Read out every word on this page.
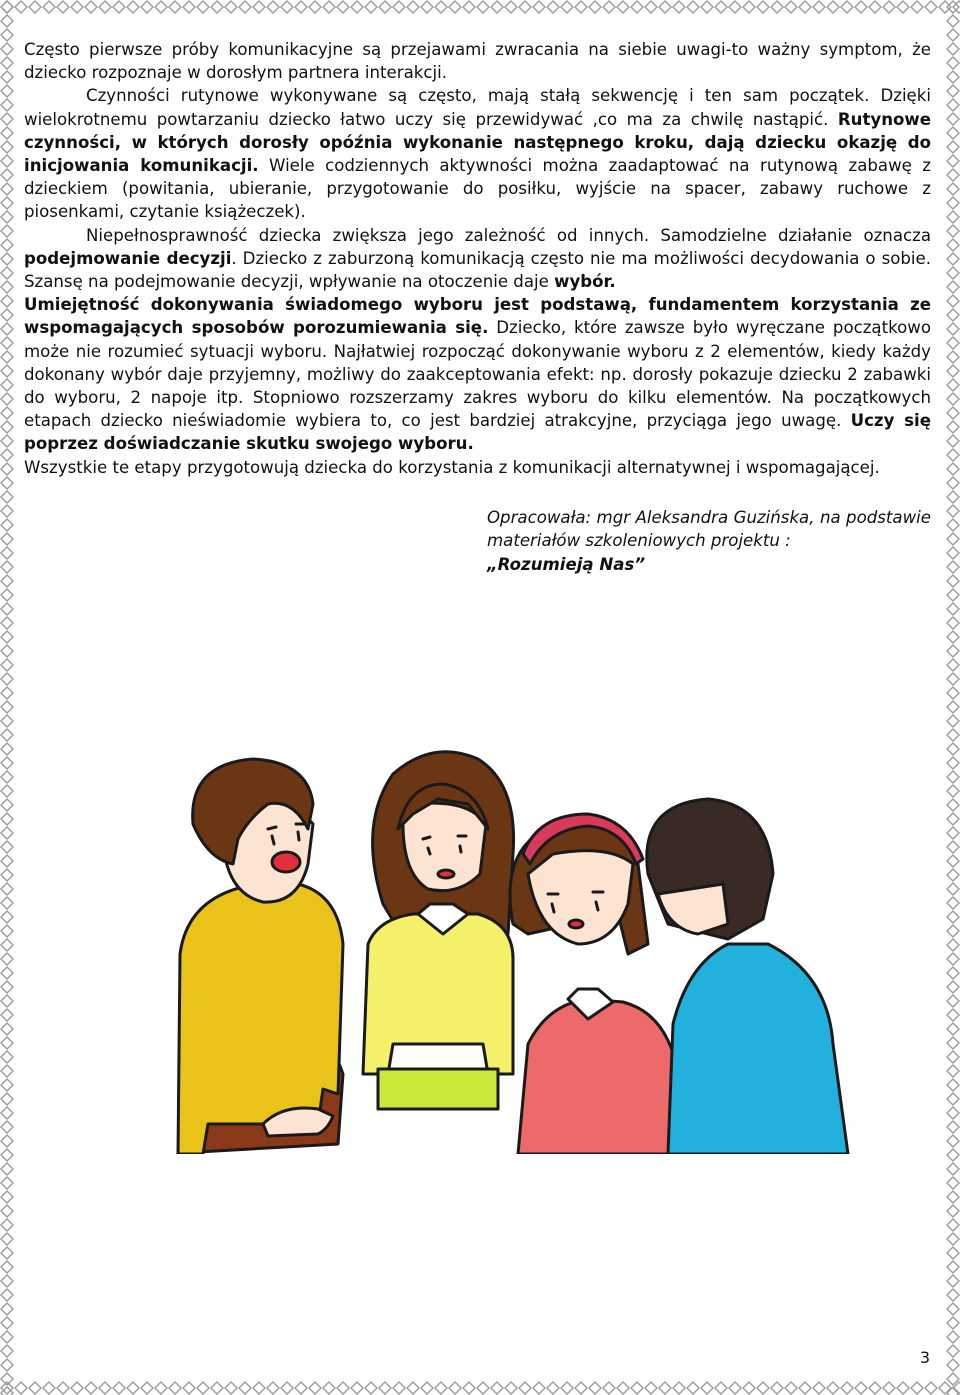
Często pierwsze próby komunikacyjne są przejawami zwracania na siebie uwagi-to ważny symptom, że dziecko rozpoznaje w dorosłym partnera interakcji.

Czynności rutynowe wykonywane są często, mają stałą sekwencję i ten sam początek. Dzięki wielokrotnemu powtarzaniu dziecko łatwo uczy się przewidywać ,co ma za chwilę nastąpić. Rutynowe czynności, w których dorosły opóźnia wykonanie następnego kroku, dają dziecku okazję do inicjowania komunikacji. Wiele codziennych aktywności można zaadaptować na rutynową zabawę z dzieckiem (powitania, ubieranie, przygotowanie do posiłku, wyjście na spacer, zabawy ruchowe z piosenkami, czytanie książeczek).

Niepełnosprawność dziecka zwiększa jego zależność od innych. Samodzielne działanie oznacza podejmowanie decyzji. Dziecko z zaburzoną komunikacją często nie ma możliwości decydowania o sobie. Szansę na podejmowanie decyzji, wpływanie na otoczenie daje wybór.

Umiejętność dokonywania świadomego wyboru jest podstawą, fundamentem korzystania ze wspomagających sposobów porozumiewania się. Dziecko, które zawsze było wyręczane początkowo może nie rozumieć sytuacji wyboru. Najłatwiej rozpocząć dokonywanie wyboru z 2 elementów, kiedy każdy dokonany wybór daje przyjemny, możliwy do zaakceptowania efekt: np. dorosły pokazuje dziecku 2 zabawki do wyboru, 2 napoje itp. Stopniowo rozszerzamy zakres wyboru do kilku elementów. Na początkowych etapach dziecko nieświadomie wybiera to, co jest bardziej atrakcyjne, przyciąga jego uwagę. Uczy się poprzez doświadczanie skutku swojego wyboru.

Wszystkie te etapy przygotowują dziecka do korzystania z komunikacji alternatywnej i wspomagającej.

Opracowała: mgr Aleksandra Guzińska, na podstawie materiałów szkoleniowych projektu :
„Rozumieją Nas”
3
